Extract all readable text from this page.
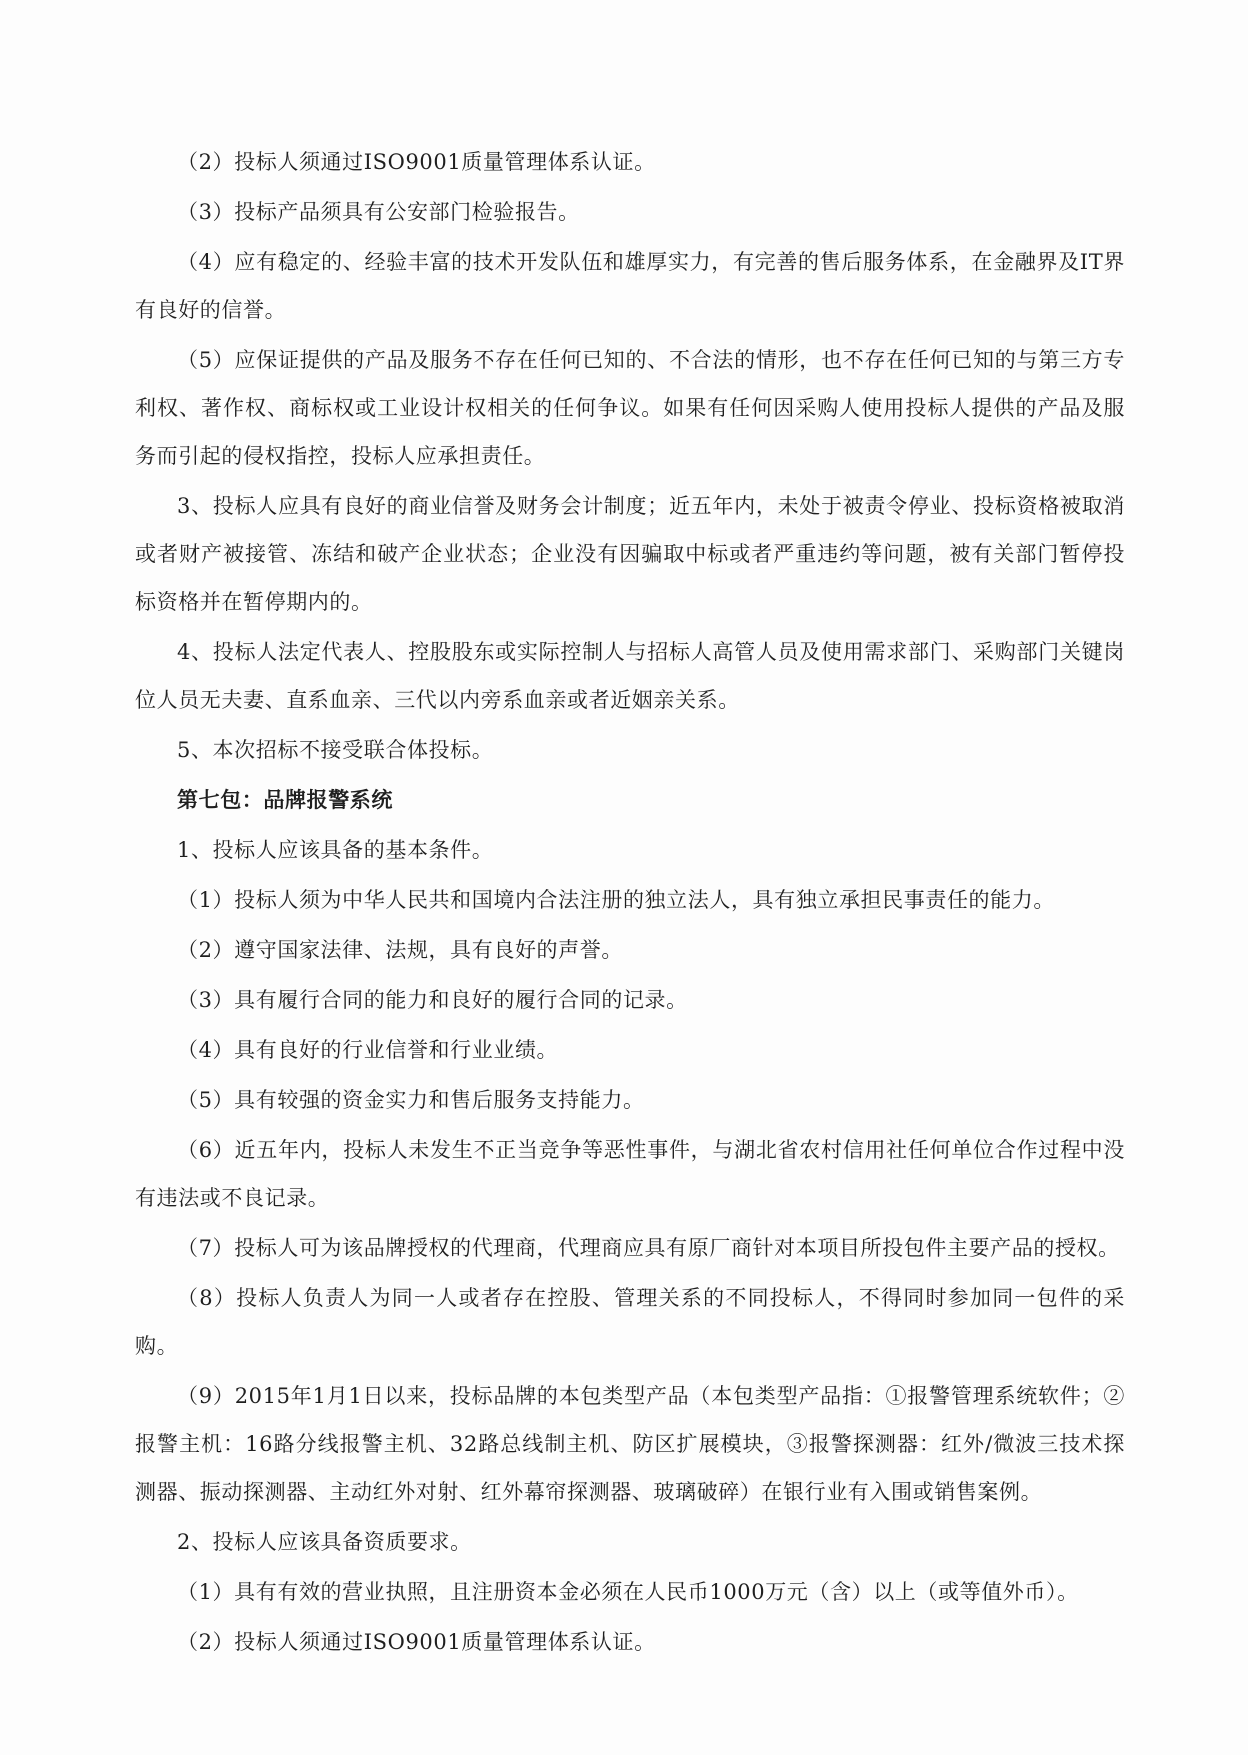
（2）投标人须通过ISO9001质量管理体系认证。

（3）投标产品须具有公安部门检验报告。

（4）应有稳定的、经验丰富的技术开发队伍和雄厚实力，有完善的售后服务体系，在金融界及IT界有良好的信誉。

（5）应保证提供的产品及服务不存在任何已知的、不合法的情形，也不存在任何已知的与第三方专利权、著作权、商标权或工业设计权相关的任何争议。如果有任何因采购人使用投标人提供的产品及服务而引起的侵权指控，投标人应承担责任。

3、投标人应具有良好的商业信誉及财务会计制度；近五年内，未处于被责令停业、投标资格被取消或者财产被接管、冻结和破产企业状态；企业没有因骗取中标或者严重违约等问题，被有关部门暂停投标资格并在暂停期内的。

4、投标人法定代表人、控股股东或实际控制人与招标人高管人员及使用需求部门、采购部门关键岗位人员无夫妻、直系血亲、三代以内旁系血亲或者近姻亲关系。

5、本次招标不接受联合体投标。

第七包：品牌报警系统

1、投标人应该具备的基本条件。

（1）投标人须为中华人民共和国境内合法注册的独立法人，具有独立承担民事责任的能力。

（2）遵守国家法律、法规，具有良好的声誉。

（3）具有履行合同的能力和良好的履行合同的记录。

（4）具有良好的行业信誉和行业业绩。

（5）具有较强的资金实力和售后服务支持能力。

（6）近五年内，投标人未发生不正当竞争等恶性事件，与湖北省农村信用社任何单位合作过程中没有违法或不良记录。

（7）投标人可为该品牌授权的代理商，代理商应具有原厂商针对本项目所投包件主要产品的授权。

（8）投标人负责人为同一人或者存在控股、管理关系的不同投标人，不得同时参加同一包件的采购。

（9）2015年1月1日以来，投标品牌的本包类型产品（本包类型产品指：①报警管理系统软件；②报警主机：16路分线报警主机、32路总线制主机、防区扩展模块，③报警探测器：红外/微波三技术探测器、振动探测器、主动红外对射、红外幕帘探测器、玻璃破碎）在银行业有入围或销售案例。

2、投标人应该具备资质要求。

（1）具有有效的营业执照，且注册资本金必须在人民币1000万元（含）以上（或等值外币）。

（2）投标人须通过ISO9001质量管理体系认证。
